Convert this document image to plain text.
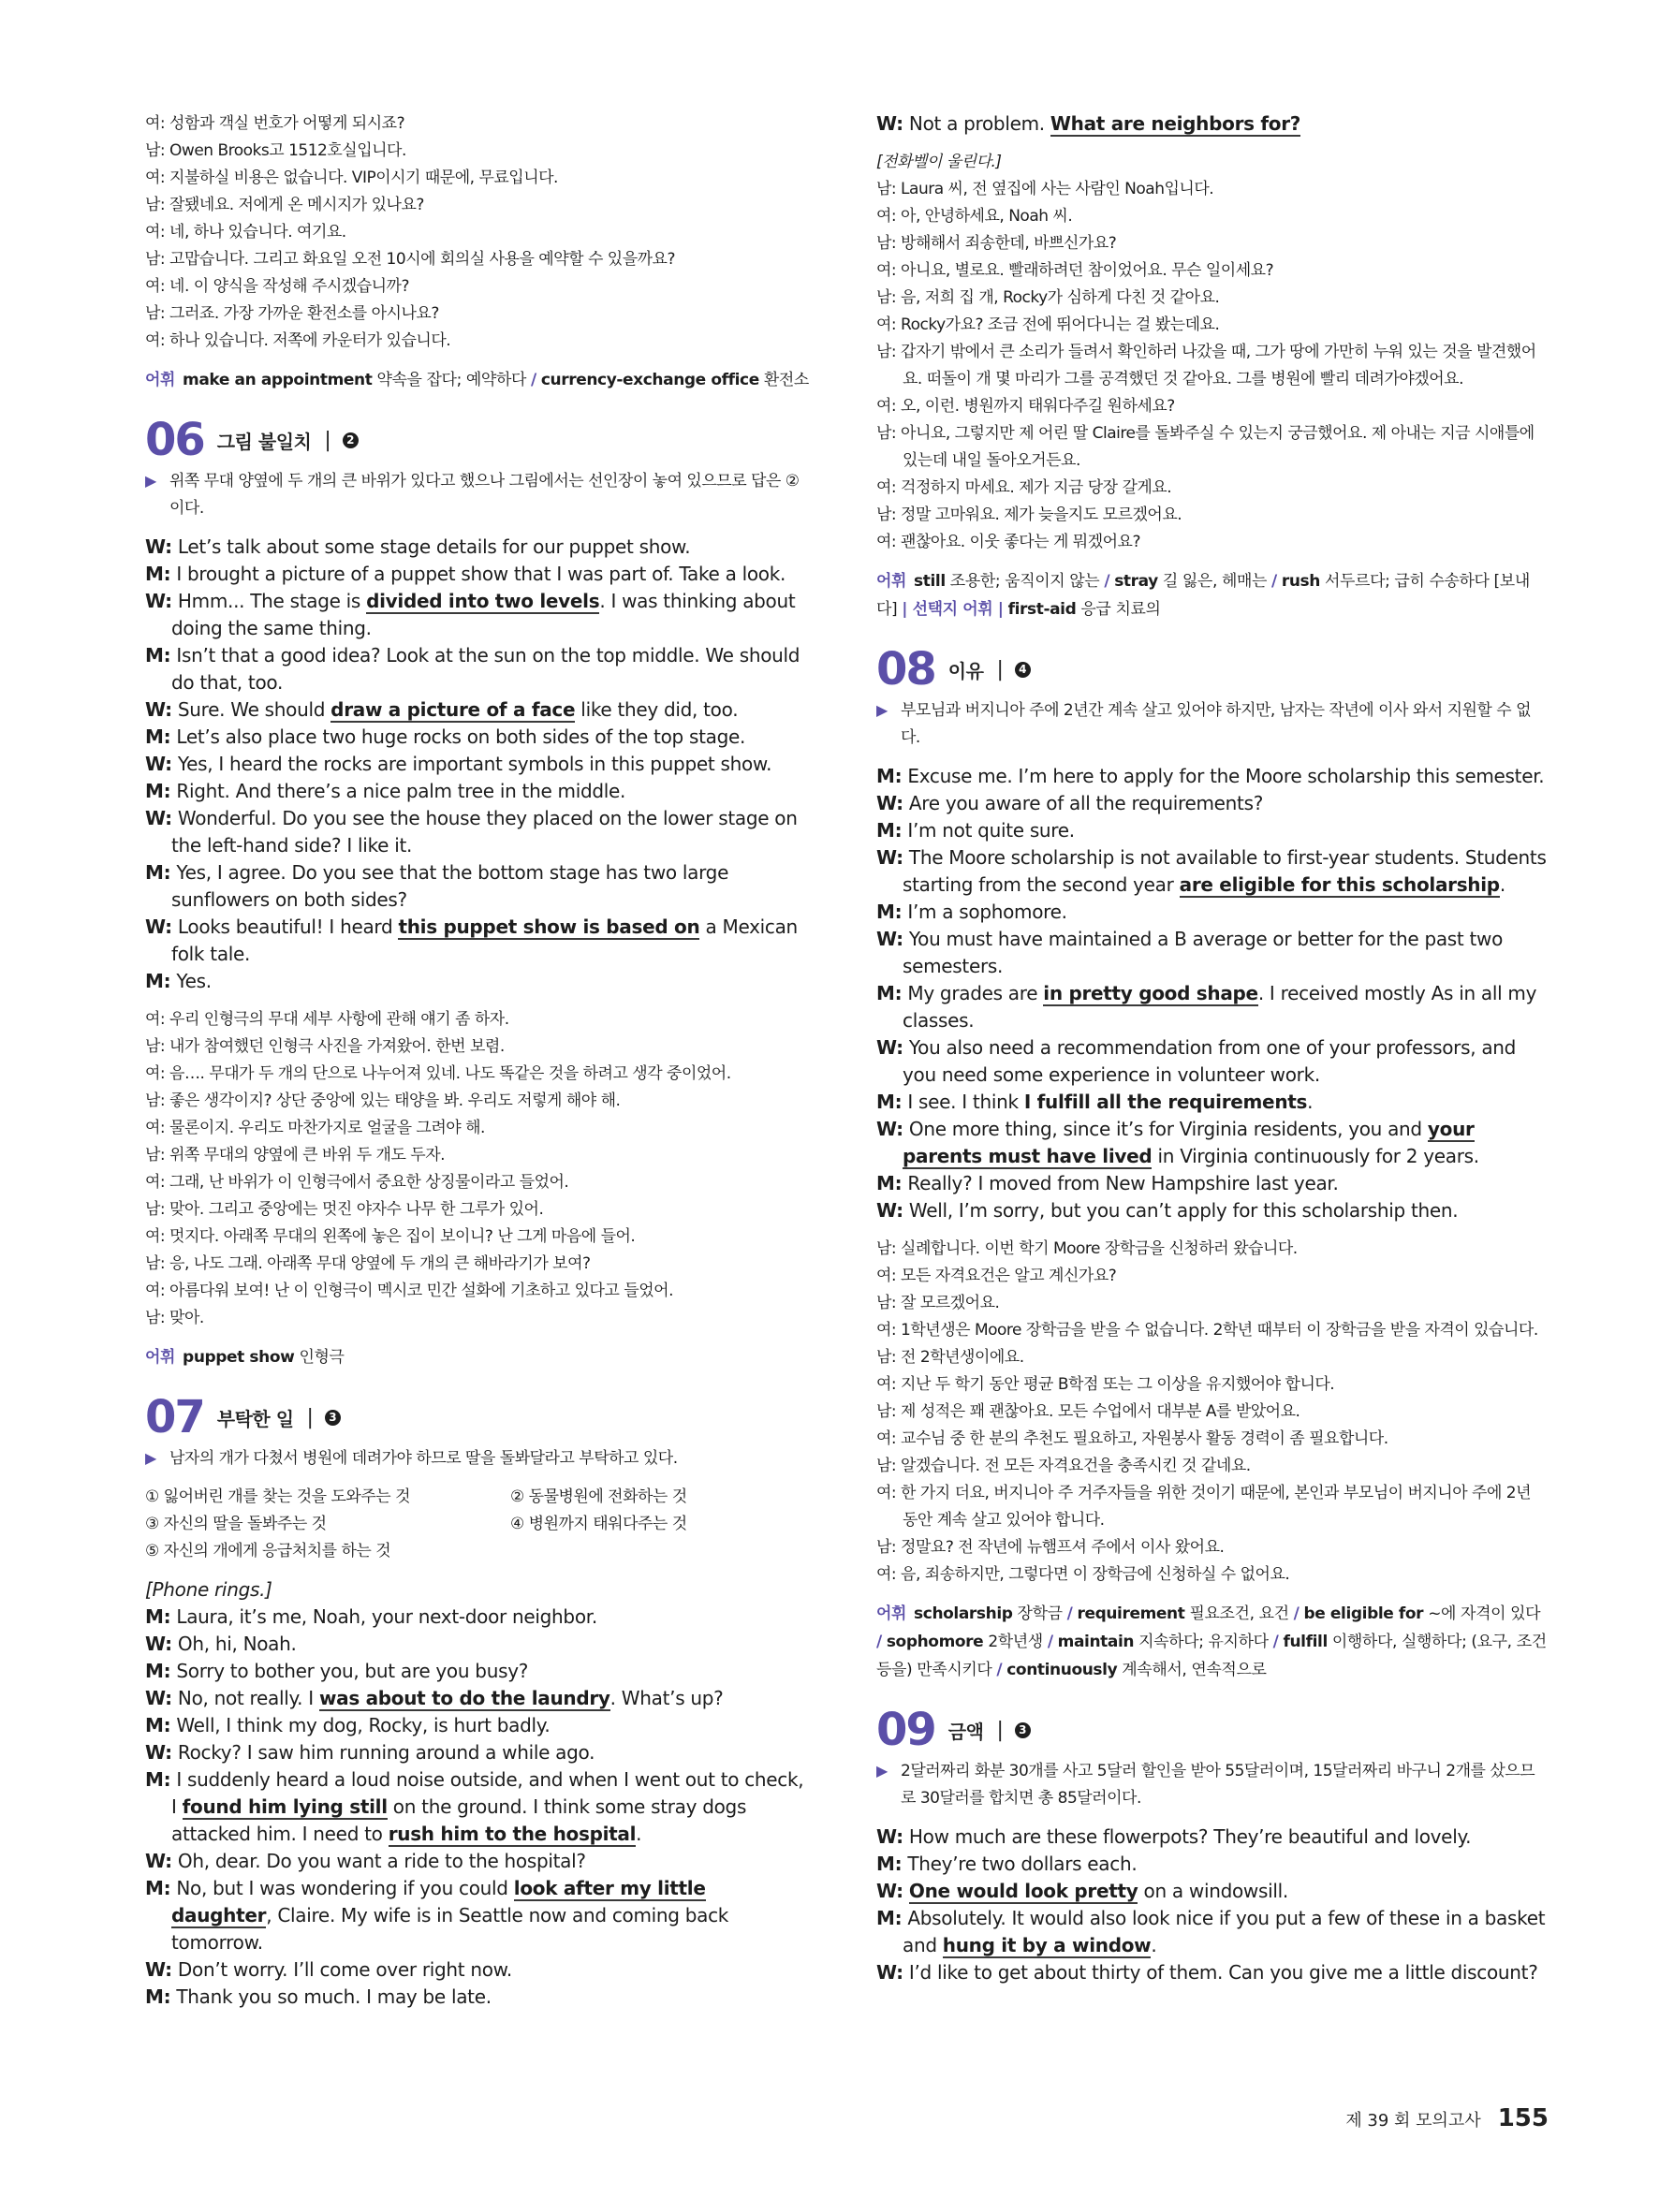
여: 성함과 객실 번호가 어떻게 되시죠?
남: Owen Brooks고 1512호실입니다.
여: 지불하실 비용은 없습니다. VIP이시기 때문에, 무료입니다.
남: 잘됐네요. 저에게 온 메시지가 있나요?
여: 네, 하나 있습니다. 여기요.
남: 고맙습니다. 그리고 화요일 오전 10시에 회의실 사용을 예약할 수 있을까요?
여: 네. 이 양식을 작성해 주시겠습니까?
남: 그러죠. 가장 가까운 환전소를 아시나요?
여: 하나 있습니다. 저쪽에 카운터가 있습니다.
어휘 make an appointment 약속을 잡다; 예약하다 / currency-exchange office 환전소
06 그림 불일치 |	2
▶ 위쪽 무대 양옆에 두 개의 큰 바위가 있다고 했으나 그림에서는 선인장이 놓여 있으므로 답은 ②이다.
W: Let’s talk about some stage details for our puppet show.
M: I brought a picture of a puppet show that I was part of. Take a look.
W: Hmm... The stage is divided into two levels. I was thinking about doing the same thing.
M: Isn’t that a good idea? Look at the sun on the top middle. We should do that, too.
W: Sure. We should draw a picture of a face like they did, too.
M: Let’s also place two huge rocks on both sides of the top stage.
W: Yes, I heard the rocks are important symbols in this puppet show.
M: Right. And there’s a nice palm tree in the middle.
W: Wonderful. Do you see the house they placed on the lower stage on the left-hand side? I like it.
M: Yes, I agree. Do you see that the bottom stage has two large sunflowers on both sides?
W: Looks beautiful! I heard this puppet show is based on a Mexican folk tale.
M: Yes.
여: 우리 인형극의 무대 세부 사항에 관해 얘기 좀 하자.
남: 내가 참여했던 인형극 사진을 가져왔어. 한번 보렴.
여: 음…. 무대가 두 개의 단으로 나누어져 있네. 나도 똑같은 것을 하려고 생각 중이었어.
남: 좋은 생각이지? 상단 중앙에 있는 태양을 봐. 우리도 저렇게 해야 해.
여: 물론이지. 우리도 마찬가지로 얼굴을 그려야 해.
남: 위쪽 무대의 양옆에 큰 바위 두 개도 두자.
여: 그래, 난 바위가 이 인형극에서 중요한 상징물이라고 들었어.
남: 맞아. 그리고 중앙에는 멋진 야자수 나무 한 그루가 있어.
여: 멋지다. 아래쪽 무대의 왼쪽에 놓은 집이 보이니? 난 그게 마음에 들어.
남: 응, 나도 그래. 아래쪽 무대 양옆에 두 개의 큰 해바라기가 보여?
여: 아름다워 보여! 난 이 인형극이 멕시코 민간 설화에 기초하고 있다고 들었어.
남: 맞아.
어휘 puppet show 인형극
07 부탁한 일 |	3
▶ 남자의 개가 다쳤서 병원에 데려가야 하므로 딸을 돌봐달라고 부탁하고 있다.
① 잃어버린 개를 찾는 것을 도와주는 것	② 동물병원에 전화하는 것
③ 자신의 딸을 돌봐주는 것	④ 병원까지 태워다주는 것
⑤ 자신의 개에게 응급처치를 하는 것
[Phone rings.]
M: Laura, it’s me, Noah, your next-door neighbor.
W: Oh, hi, Noah.
M: Sorry to bother you, but are you busy?
W: No, not really. I was about to do the laundry. What’s up?
M: Well, I think my dog, Rocky, is hurt badly.
W: Rocky? I saw him running around a while ago.
M: I suddenly heard a loud noise outside, and when I went out to check, I found him lying still on the ground. I think some stray dogs attacked him. I need to rush him to the hospital.
W: Oh, dear. Do you want a ride to the hospital?
M: No, but I was wondering if you could look after my little daughter, Claire. My wife is in Seattle now and coming back tomorrow.
W: Don’t worry. I’ll come over right now.
M: Thank you so much. I may be late.
W: Not a problem. What are neighbors for?
[전화벨이 울린다.]
남: Laura 씨, 전 옆집에 사는 사람인 Noah입니다.
여: 아, 안녕하세요, Noah 씨.
남: 방해해서 죄송한데, 바쁘신가요?
여: 아니요, 별로요. 빨래하려던 참이었어요. 무슨 일이세요?
남: 음, 저희 집 개, Rocky가 심하게 다친 것 같아요.
여: Rocky가요? 조금 전에 뛰어다니는 걸 봤는데요.
남: 갑자기 밖에서 큰 소리가 들려서 확인하러 나갔을 때, 그가 땅에 가만히 누워 있는 것을 발견했어요. 떠돌이 개 몇 마리가 그를 공격했던 것 같아요. 그를 병원에 빨리 데려가야겠어요.
여: 오, 이런. 병원까지 태워다주길 원하세요?
남: 아니요, 그렇지만 제 어린 딸 Claire를 돌봐주실 수 있는지 궁금했어요. 제 아내는 지금 시애틀에 있는데 내일 돌아오거든요.
여: 걱정하지 마세요. 제가 지금 당장 갈게요.
남: 정말 고마워요. 제가 늦을지도 모르겠어요.
여: 괜찮아요. 이웃 좋다는 게 뭐겠어요?
어휘 still 조용한; 움직이지 않는 / stray 길 잃은, 헤매는 / rush 서두르다; 급히 수송하다 [보내다] | 선택지 어휘 | first-aid 응급 치료의
08 이유 |	4
▶ 부모님과 버지니아 주에 2년간 계속 살고 있어야 하지만, 남자는 작년에 이사 와서 지원할 수 없다.
M: Excuse me. I’m here to apply for the Moore scholarship this semester.
W: Are you aware of all the requirements?
M: I’m not quite sure.
W: The Moore scholarship is not available to first-year students. Students starting from the second year are eligible for this scholarship.
M: I’m a sophomore.
W: You must have maintained a B average or better for the past two semesters.
M: My grades are in pretty good shape. I received mostly As in all my classes.
W: You also need a recommendation from one of your professors, and you need some experience in volunteer work.
M: I see. I think I fulfill all the requirements.
W: One more thing, since it’s for Virginia residents, you and your parents must have lived in Virginia continuously for 2 years.
M: Really? I moved from New Hampshire last year.
W: Well, I’m sorry, but you can’t apply for this scholarship then.
남: 실례합니다. 이번 학기 Moore 장학금을 신청하러 왔습니다.
여: 모든 자격요건은 알고 계신가요?
남: 잘 모르겠어요.
여: 1학년생은 Moore 장학금을 받을 수 없습니다. 2학년 때부터 이 장학금을 받을 자격이 있습니다.
남: 전 2학년생이에요.
여: 지난 두 학기 동안 평균 B학점 또는 그 이상을 유지했어야 합니다.
남: 제 성적은 꽤 괜찮아요. 모든 수업에서 대부분 A를 받았어요.
여: 교수님 중 한 분의 추천도 필요하고, 자원봉사 활동 경력이 좀 필요합니다.
남: 알겠습니다. 전 모든 자격요건을 충족시킨 것 같네요.
여: 한 가지 더요, 버지니아 주 거주자들을 위한 것이기 때문에, 본인과 부모님이 버지니아 주에 2년 동안 계속 살고 있어야 합니다.
남: 정말요? 전 작년에 뉴햄프셔 주에서 이사 왔어요.
여: 음, 죄송하지만, 그렇다면 이 장학금에 신청하실 수 없어요.
어휘 scholarship 장학금 / requirement 필요조건, 요건 / be eligible for ~에 자격이 있다 / sophomore 2학년생 / maintain 지속하다; 유지하다 / fulfill 이행하다, 실행하다; (요구, 조건 등을) 만족시키다 / continuously 계속해서, 연속적으로
09 금액 |	3
▶ 2달러짜리 화분 30개를 사고 5달러 할인을 받아 55달러이며, 15달러짜리 바구니 2개를 샀으므로 30달러를 합치면 총 85달러이다.
W: How much are these flowerpots? They’re beautiful and lovely.
M: They’re two dollars each.
W: One would look pretty on a windowsill.
M: Absolutely. It would also look nice if you put a few of these in a basket and hung it by a window.
W: I’d like to get about thirty of them. Can you give me a little discount?
제 39 회 모의고사 155
